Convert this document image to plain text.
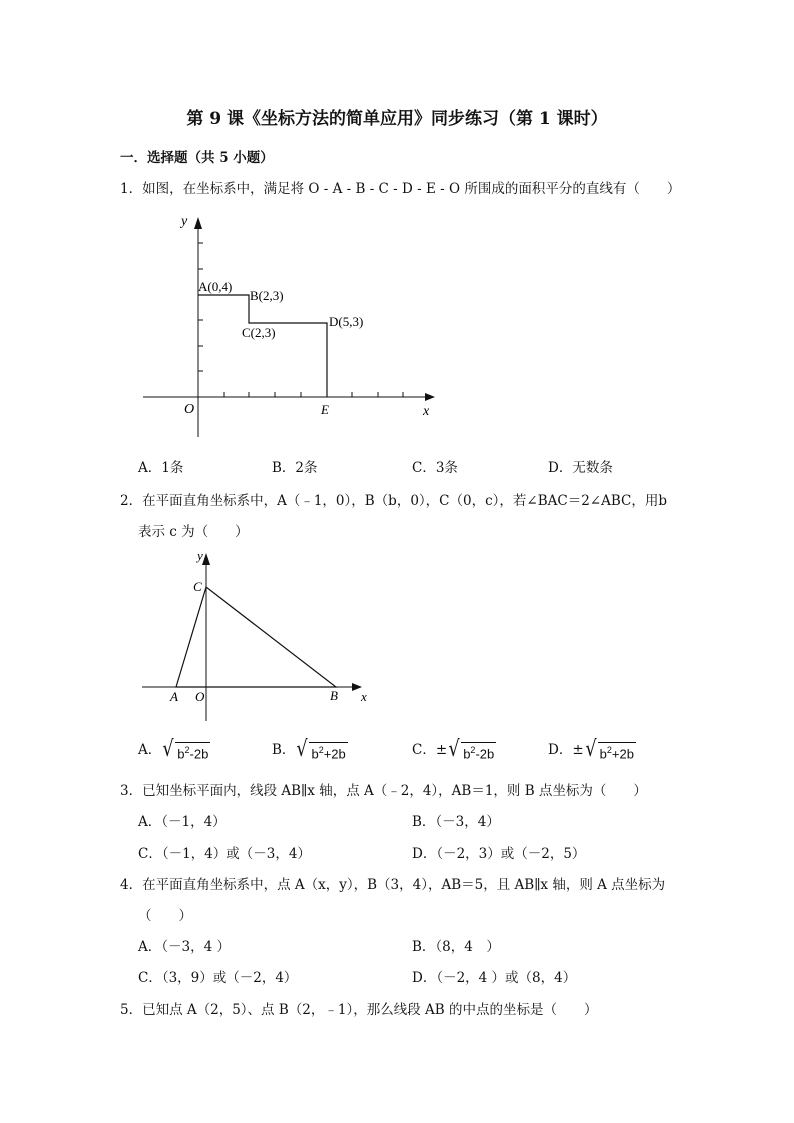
第 9 课《坐标方法的简单应用》同步练习（第 1 课时）
一．选择题（共 5 小题）
1．如图，在坐标系中，满足将 O - A - B - C - D - E - O 所围成的面积平分的直线有（　　）
y
x
O
A(0,4)
B(2,3)
C(2,3)
D(5,3)
E
A．1条	B．2条	C．3条	D．无数条
2．在平面直角坐标系中，A（﹣1，0），B（b，0），C（0，c），若∠BAC＝2∠ABC，用b
表示 c 为（　　）
y
x
O
A	B
C
A． √ $b^2-2b$	B． √ $b^2+2b$	C．± √ $b^2-2b$	D．± √ $b^2+2b$
3．已知坐标平面内，线段 AB∥x 轴，点 A（﹣2，4），AB＝1，则 B 点坐标为（　　）
A．（－1，4）	B．（－3，4）
C．（－1，4）或（－3，4）	D．（－2，3）或（－2，5）
4．在平面直角坐标系中，点 A（x，y），B（3，4），AB＝5，且 AB∥x 轴，则 A 点坐标为
（　　）
A．（－3，4 ）	B．（8，4　）
C．（3，9）或（－2，4）	D．（－2，4 ）或（8，4）
5．已知点 A（2，5）、点 B（2，﹣1），那么线段 AB 的中点的坐标是（　　）
